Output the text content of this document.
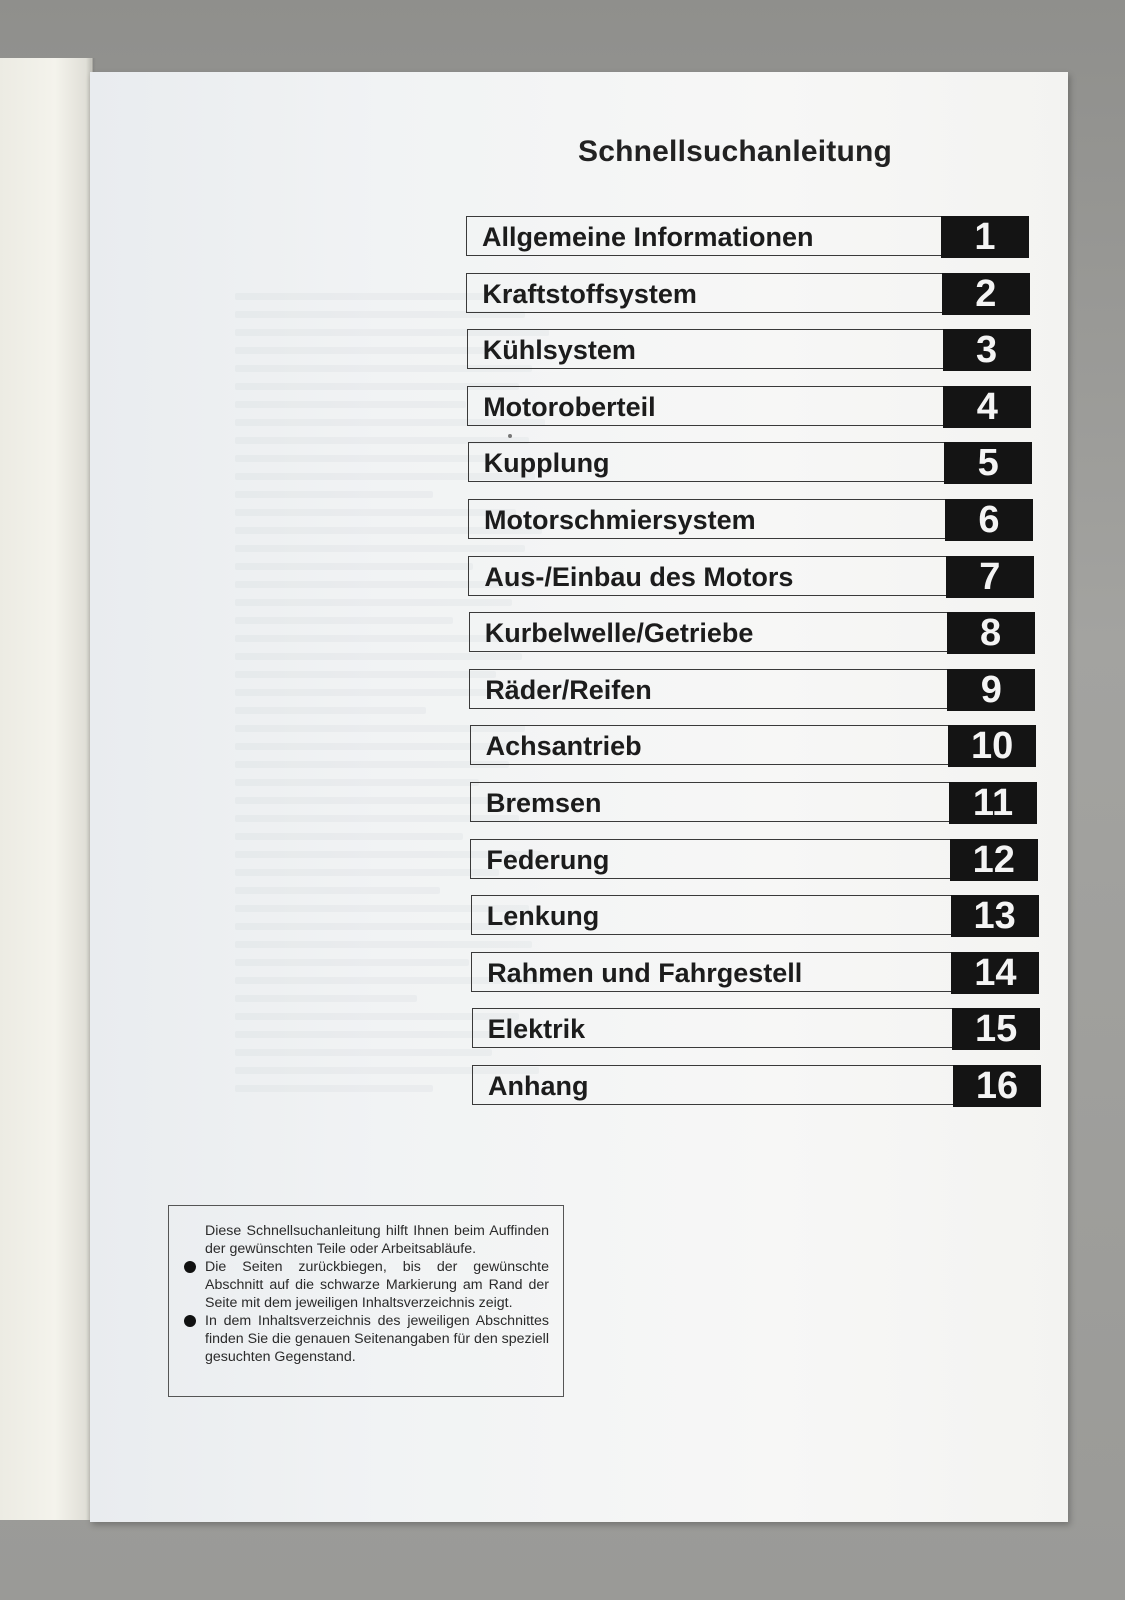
Schnellsuchanleitung
Allgemeine Informationen	1
Kraftstoffsystem	2
Kühlsystem	3
Motoroberteil	4
Kupplung	5
Motorschmiersystem	6
Aus-/Einbau des Motors	7
Kurbelwelle/Getriebe	8
Räder/Reifen	9
Achsantrieb	10
Bremsen	11
Federung	12
Lenkung	13
Rahmen und Fahrgestell	14
Elektrik	15
Anhang	16

Diese Schnellsuchanleitung hilft Ihnen beim Auffinden der gewünschten Teile oder Arbeitsabläufe.

Die Seiten zurückbiegen, bis der gewünschte Abschnitt auf die schwarze Markierung am Rand der Seite mit dem jeweiligen Inhaltsverzeichnis zeigt.
In dem Inhaltsverzeichnis des jeweiligen Abschnittes finden Sie die genauen Seitenangaben für den speziell gesuchten Gegenstand.
